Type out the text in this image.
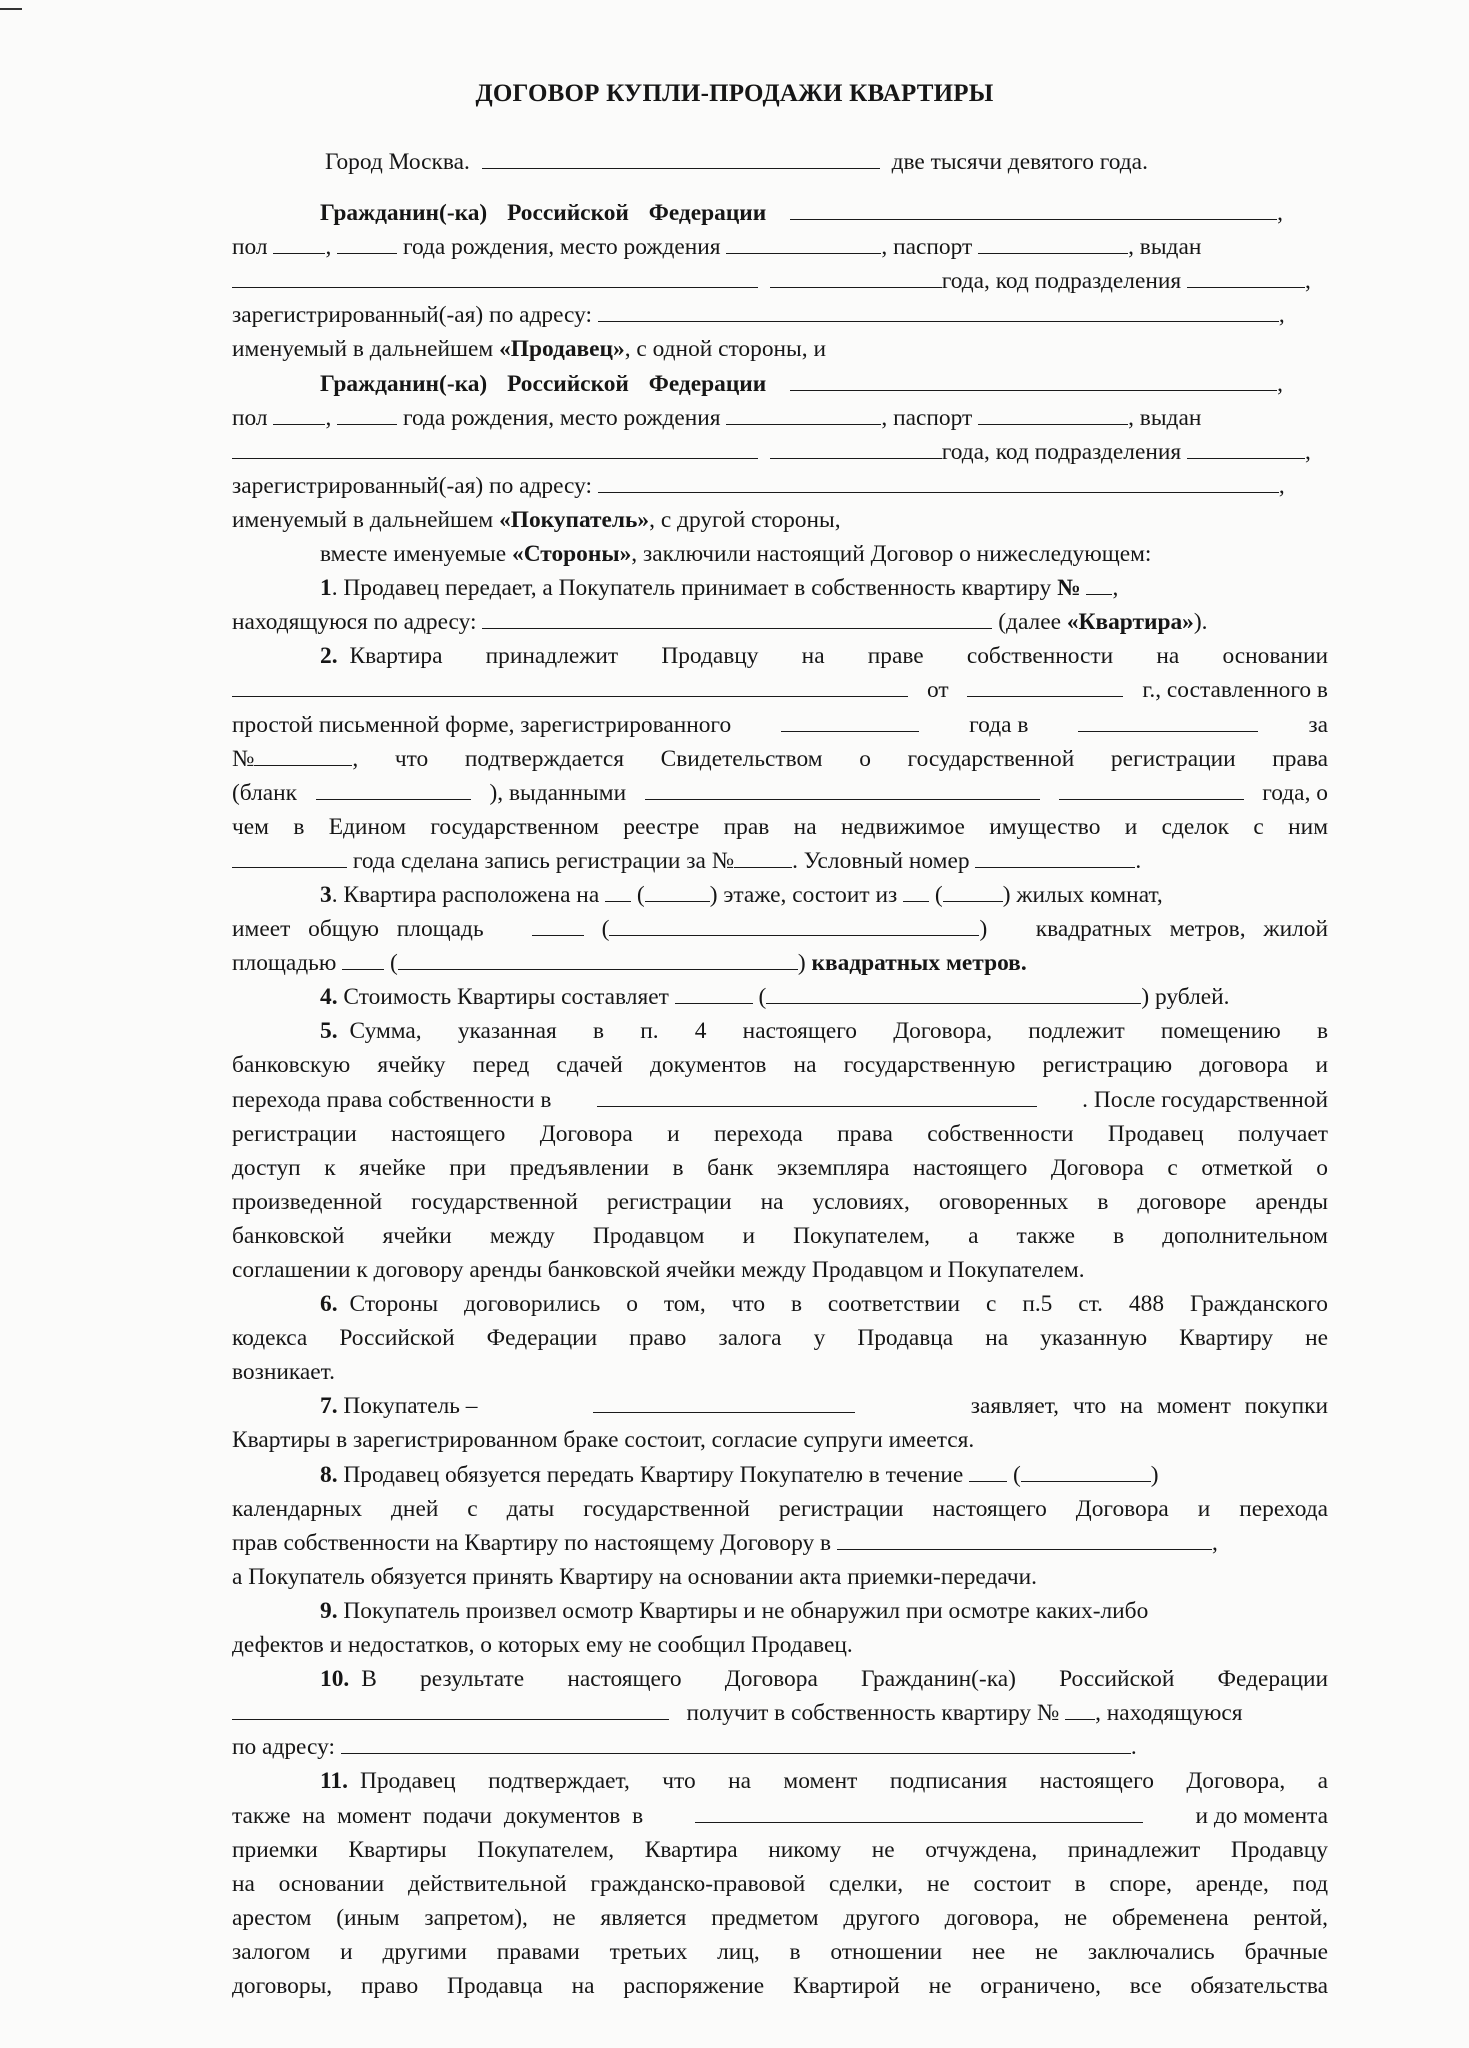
ДОГОВОР КУПЛИ-ПРОДАЖИ КВАРТИРЫ
Город Москва.	две тысячи девятого года.
Гражданин(-ка) Российской Федерации	,
пол ,	года рождения, место рождения	, паспорт	, выдан
года, код подразделения	,
зарегистрированный(-ая) по адресу:	,
именуемый в дальнейшем «Продавец», с одной стороны, и
Гражданин(-ка) Российской Федерации	,
пол ,	года рождения, место рождения	, паспорт	, выдан
года, код подразделения	,
зарегистрированный(-ая) по адресу:	,
именуемый в дальнейшем «Покупатель», с другой стороны,
вместе именуемые «Стороны», заключили настоящий Договор о нижеследующем:
1. Продавец передает, а Покупатель принимает в собственность квартиру № ,
находящуюся по адресу:	(далее «Квартира»).
2. Квартира принадлежит Продавцу на праве собственности на основании
от	г., составленного в
простой письменной форме, зарегистрированного	года в	за
№	, что подтверждается Свидетельством о государственной регистрации права
(бланк	), выданными	года, о
чем в Едином государственном реестре прав на недвижимое имущество и сделок с ним
года сделана запись регистрации за № . Условный номер	.
3. Квартира расположена на  (	) этаже, состоит из  (	) жилых комнат,
имеет общую площадь	(	) квадратных метров, жилой
площадью  (	) квадратных метров.
4. Стоимость Квартиры составляет	(	) рублей.
5. Сумма, указанная в п. 4 настоящего Договора, подлежит помещению в
банковскую ячейку перед сдачей документов на государственную регистрацию договора и
перехода права собственности в	. После государственной
регистрации настоящего Договора и перехода права собственности Продавец получает
доступ к ячейке при предъявлении в банк экземпляра настоящего Договора с отметкой о
произведенной государственной регистрации на условиях, оговоренных в договоре аренды
банковской ячейки между Продавцом и Покупателем, а также в дополнительном
соглашении к договору аренды банковской ячейки между Продавцом и Покупателем.
6. Стороны договорились о том, что в соответствии с п.5 ст. 488 Гражданского
кодекса Российской Федерации право залога у Продавца на указанную Квартиру не
возникает.
7. Покупатель –	заявляет, что на момент покупки
Квартиры в зарегистрированном браке состоит, согласие супруги имеется.
8. Продавец обязуется передать Квартиру Покупателю в течение  (	)
календарных дней с даты государственной регистрации настоящего Договора и перехода
прав собственности на Квартиру по настоящему Договору в	,
а Покупатель обязуется принять Квартиру на основании акта приемки-передачи.
9. Покупатель произвел осмотр Квартиры и не обнаружил при осмотре каких-либо
дефектов и недостатков, о которых ему не сообщил Продавец.
10. В результате настоящего Договора Гражданин(-ка) Российской Федерации
получит в собственность квартиру № , находящуюся
по адресу:	.
11. Продавец подтверждает, что на момент подписания настоящего Договора, а
также на момент подачи документов в	и до момента
приемки Квартиры Покупателем, Квартира никому не отчуждена, принадлежит Продавцу
на основании действительной гражданско-правовой сделки, не состоит в споре, аренде, под
арестом (иным запретом), не является предметом другого договора, не обременена рентой,
залогом и другими правами третьих лиц, в отношении нее не заключались брачные
договоры, право Продавца на распоряжение Квартирой не ограничено, все обязательства
